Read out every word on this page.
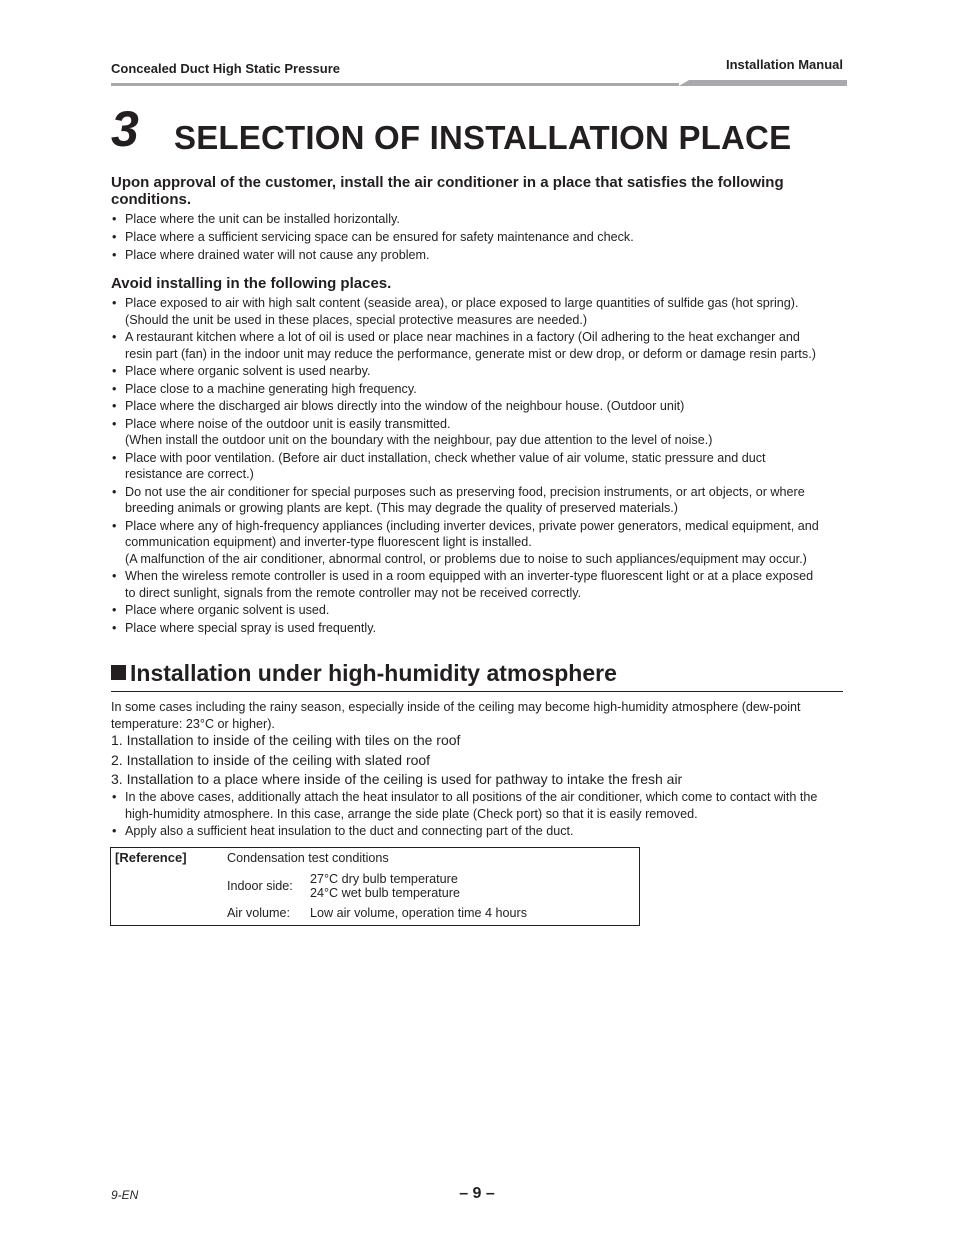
Concealed Duct High Static Pressure	Installation Manual
3 SELECTION OF INSTALLATION PLACE
Upon approval of the customer, install the air conditioner in a place that satisfies the following conditions.
• Place where the unit can be installed horizontally.
• Place where a sufficient servicing space can be ensured for safety maintenance and check.
• Place where drained water will not cause any problem.
Avoid installing in the following places.
• Place exposed to air with high salt content (seaside area), or place exposed to large quantities of sulfide gas (hot spring).
(Should the unit be used in these places, special protective measures are needed.)
• A restaurant kitchen where a lot of oil is used or place near machines in a factory (Oil adhering to the heat exchanger and
resin part (fan) in the indoor unit may reduce the performance, generate mist or dew drop, or deform or damage resin parts.)
• Place where organic solvent is used nearby.
• Place close to a machine generating high frequency.
• Place where the discharged air blows directly into the window of the neighbour house. (Outdoor unit)
• Place where noise of the outdoor unit is easily transmitted.
(When install the outdoor unit on the boundary with the neighbour, pay due attention to the level of noise.)
• Place with poor ventilation. (Before air duct installation, check whether value of air volume, static pressure and duct
resistance are correct.)
• Do not use the air conditioner for special purposes such as preserving food, precision instruments, or art objects, or where
breeding animals or growing plants are kept. (This may degrade the quality of preserved materials.)
• Place where any of high-frequency appliances (including inverter devices, private power generators, medical equipment, and
communication equipment) and inverter-type fluorescent light is installed.
(A malfunction of the air conditioner, abnormal control, or problems due to noise to such appliances/equipment may occur.)
• When the wireless remote controller is used in a room equipped with an inverter-type fluorescent light or at a place exposed
to direct sunlight, signals from the remote controller may not be received correctly.
• Place where organic solvent is used.
• Place where special spray is used frequently.
Installation under high-humidity atmosphere
In some cases including the rainy season, especially inside of the ceiling may become high-humidity atmosphere (dew-point
temperature: 23°C or higher).
1. Installation to inside of the ceiling with tiles on the roof
2. Installation to inside of the ceiling with slated roof
3. Installation to a place where inside of the ceiling is used for pathway to intake the fresh air
• In the above cases, additionally attach the heat insulator to all positions of the air conditioner, which come to contact with the
high-humidity atmosphere. In this case, arrange the side plate (Check port) so that it is easily removed.
• Apply also a sufficient heat insulation to the duct and connecting part of the duct.
[Reference]	Condensation test conditions
Indoor side: 27°C dry bulb temperature
24°C wet bulb temperature
Air volume: Low air volume, operation time 4 hours
9-EN	– 9 –
